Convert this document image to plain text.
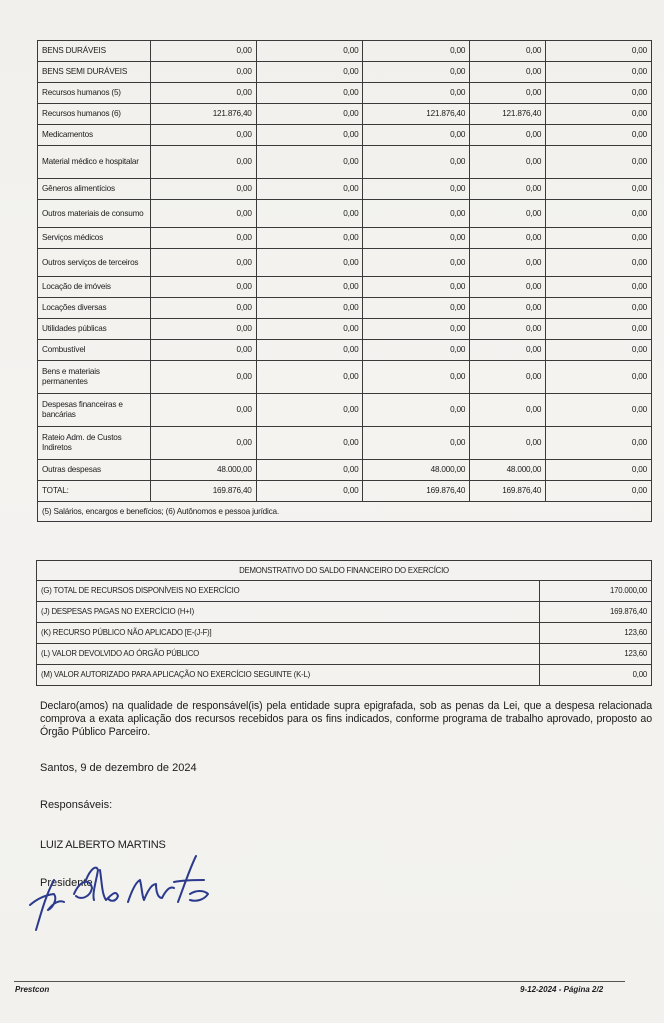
BENS DURÁVEIS	0,00	0,00	0,00	0,00	0,00
BENS SEMI DURÁVEIS	0,00	0,00	0,00	0,00	0,00
Recursos humanos (5)	0,00	0,00	0,00	0,00	0,00
Recursos humanos (6)	121.876,40	0,00	121.876,40	121.876,40	0,00
Medicamentos	0,00	0,00	0,00	0,00	0,00
Material médico e hospitalar	0,00	0,00	0,00	0,00	0,00
Gêneros alimentícios	0,00	0,00	0,00	0,00	0,00
Outros materiais de consumo	0,00	0,00	0,00	0,00	0,00
Serviços médicos	0,00	0,00	0,00	0,00	0,00
Outros serviços de terceiros	0,00	0,00	0,00	0,00	0,00
Locação de imóveis	0,00	0,00	0,00	0,00	0,00
Locações diversas	0,00	0,00	0,00	0,00	0,00
Utilidades públicas	0,00	0,00	0,00	0,00	0,00
Combustível	0,00	0,00	0,00	0,00	0,00
Bens e materiais permanentes	0,00	0,00	0,00	0,00	0,00
Despesas financeiras e bancárias	0,00	0,00	0,00	0,00	0,00
Rateio Adm. de Custos Indiretos	0,00	0,00	0,00	0,00	0,00
Outras despesas	48.000,00	0,00	48.000,00	48.000,00	0,00
TOTAL:	169.876,40	0,00	169.876,40	169.876,40	0,00
(5) Salários, encargos e benefícios; (6) Autônomos e pessoa jurídica.					
DEMONSTRATIVO DO SALDO FINANCEIRO DO EXERCÍCIO	
(G) TOTAL DE RECURSOS DISPONÍVEIS NO EXERCÍCIO	170.000,00
(J) DESPESAS PAGAS NO EXERCÍCIO (H+I)	169.876,40
(K) RECURSO PÚBLICO NÃO APLICADO [E-(J-F)]	123,60
(L) VALOR DEVOLVIDO AO ÓRGÃO PÚBLICO	123,60
(M) VALOR AUTORIZADO PARA APLICAÇÃO NO EXERCÍCIO SEGUINTE (K-L)	0,00

Declaro(amos) na qualidade de responsável(is) pela entidade supra epigrafada, sob as penas da Lei, que a despesa relacionada comprova a exata aplicação dos recursos recebidos para os fins indicados, conforme programa de trabalho aprovado, proposto ao Órgão Público Parceiro.

Santos, 9 de dezembro de 2024
Responsáveis:
LUIZ ALBERTO MARTINS
Presidente
Prestcon	9-12-2024 - Página 2/2
